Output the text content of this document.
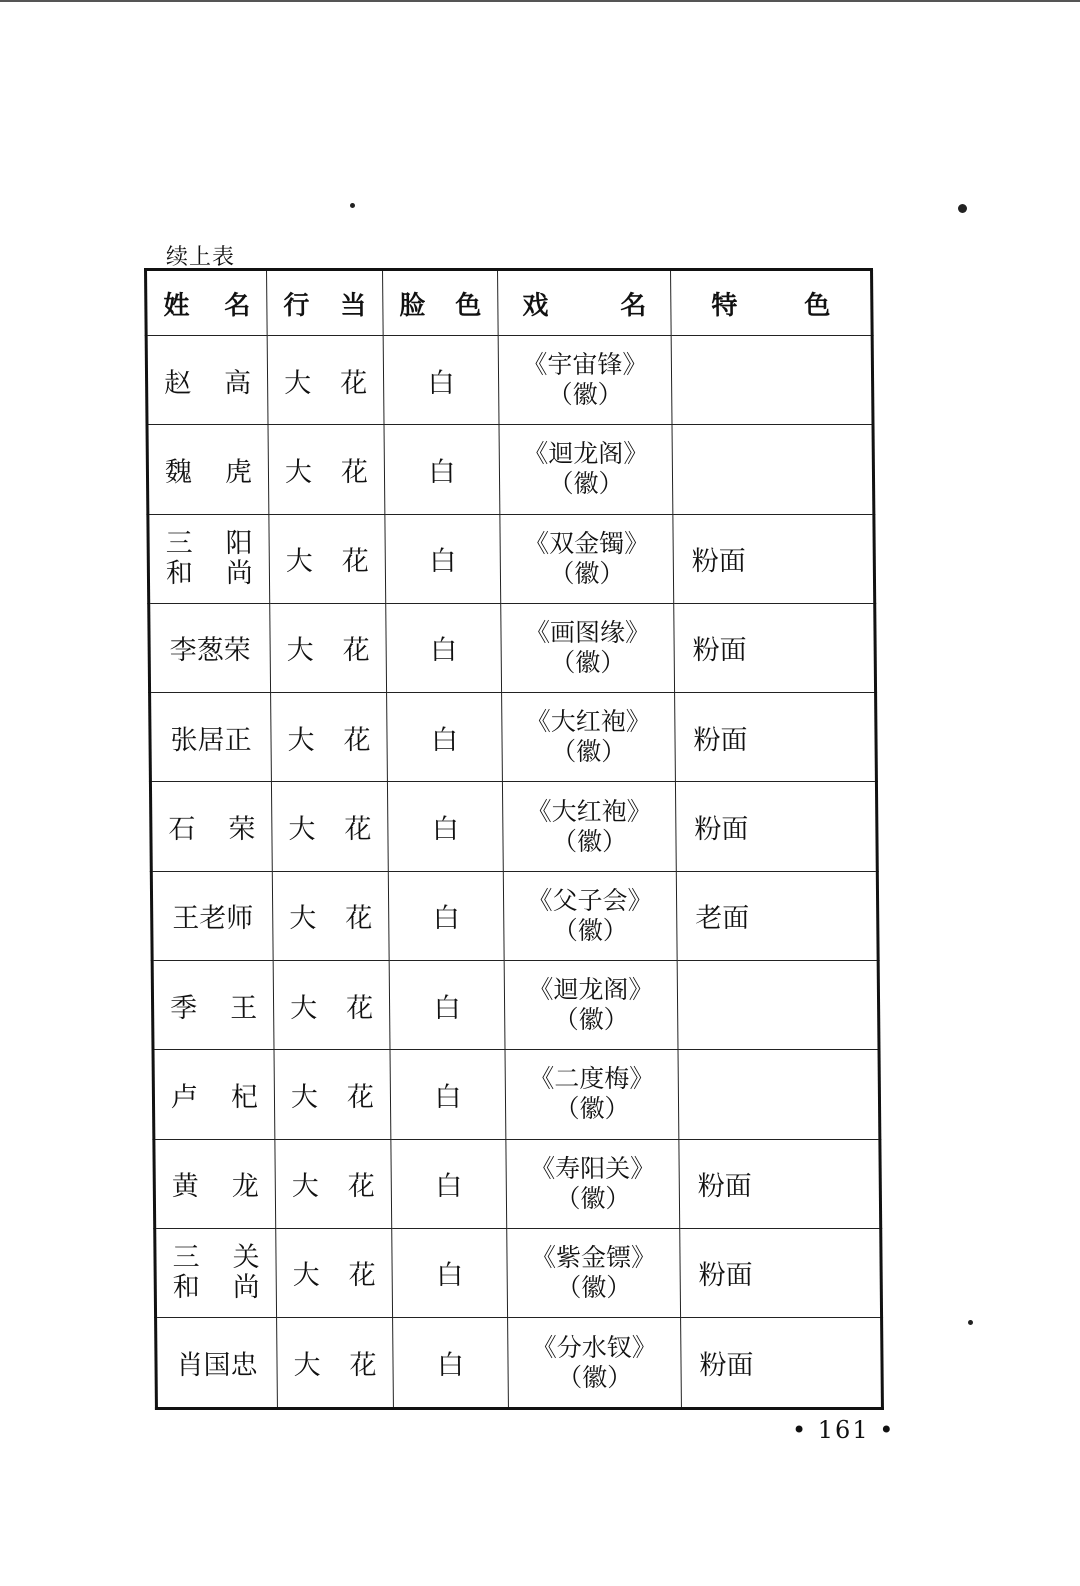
续上表
姓 名	行 当	脸 色	戏 名	特 色

赵 高	大 花	白	《宇宙锋》
（徽）	

魏 虎	大 花	白	《迴龙阁》
（徽）	

三 阳
和 尚	大 花	白	《双金镯》
（徽）	粉面
李葱荣	大 花	白	《画图缘》
（徽）	粉面
张居正	大 花	白	《大红袍》
（徽）	粉面

石 荣	大 花	白	《大红袍》
（徽）	粉面
王老师	大 花	白	《父子会》
（徽）	老面

季 王	大 花	白	《迴龙阁》
（徽）	

卢 杞	大 花	白	《二度梅》
（徽）	

黄 龙	大 花	白	《寿阳关》
（徽）	粉面

三 关
和 尚	大 花	白	《紫金镖》
（徽）	粉面
肖国忠	大 花	白	《分水钗》
（徽）	粉面
• 161 •
